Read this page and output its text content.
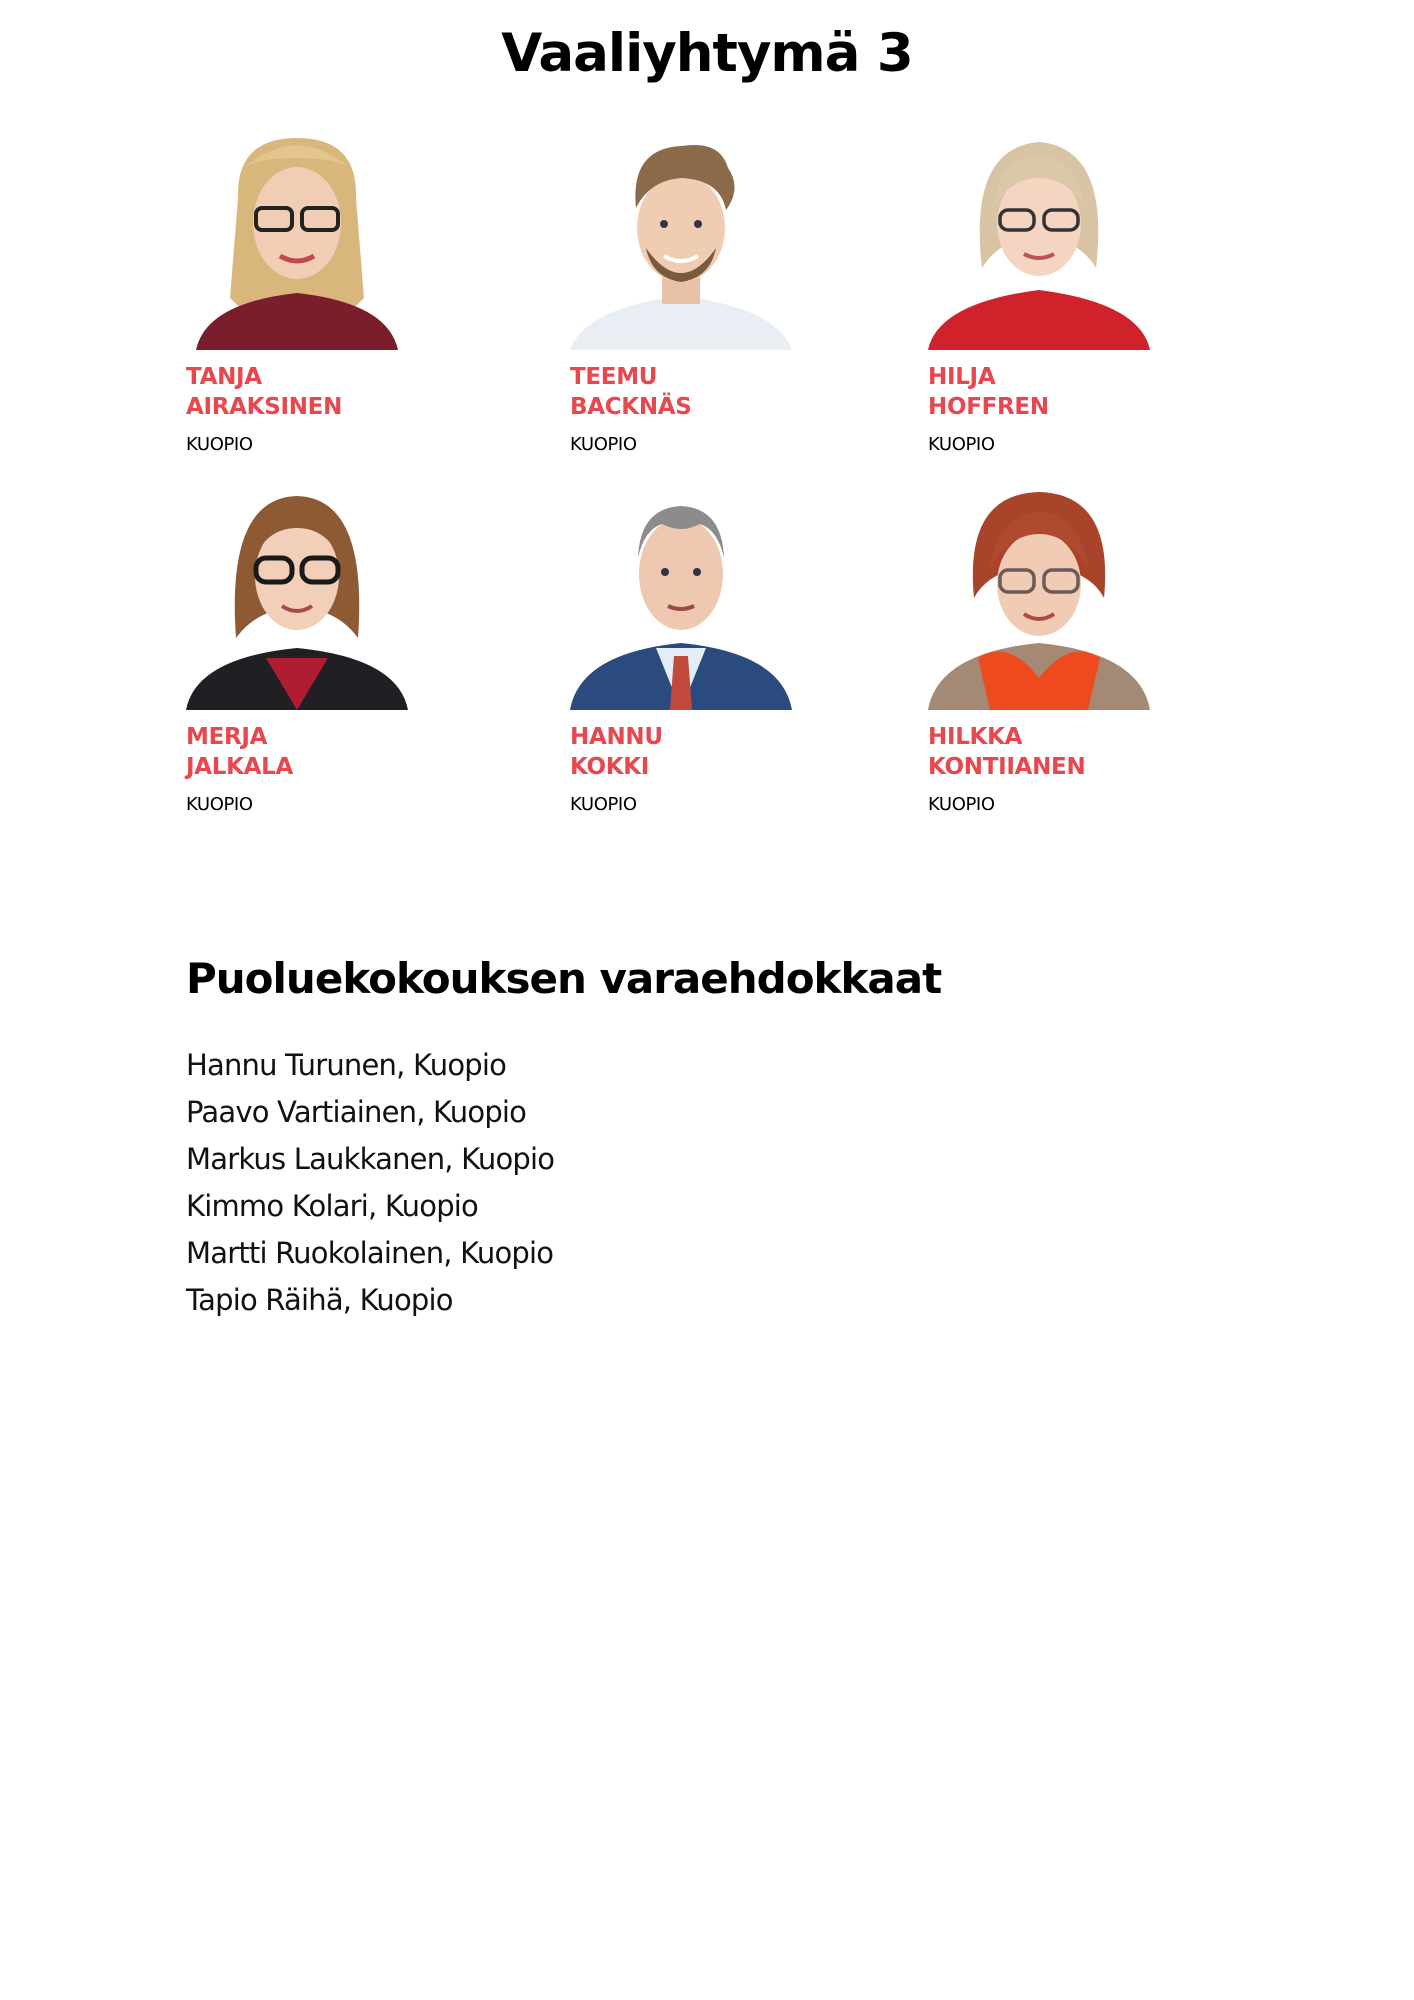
Vaaliyhtymä 3
TANJA
AIRAKSINEN
KUOPIO
TEEMU
BACKNÄS
KUOPIO
HILJA
HOFFREN
KUOPIO
MERJA
JALKALA
KUOPIO
HANNU
KOKKI
KUOPIO
HILKKA
KONTIIANEN
KUOPIO
Puoluekokouksen varaehdokkaat
Hannu Turunen, Kuopio
Paavo Vartiainen, Kuopio
Markus Laukkanen, Kuopio
Kimmo Kolari, Kuopio
Martti Ruokolainen, Kuopio
Tapio Räihä, Kuopio
